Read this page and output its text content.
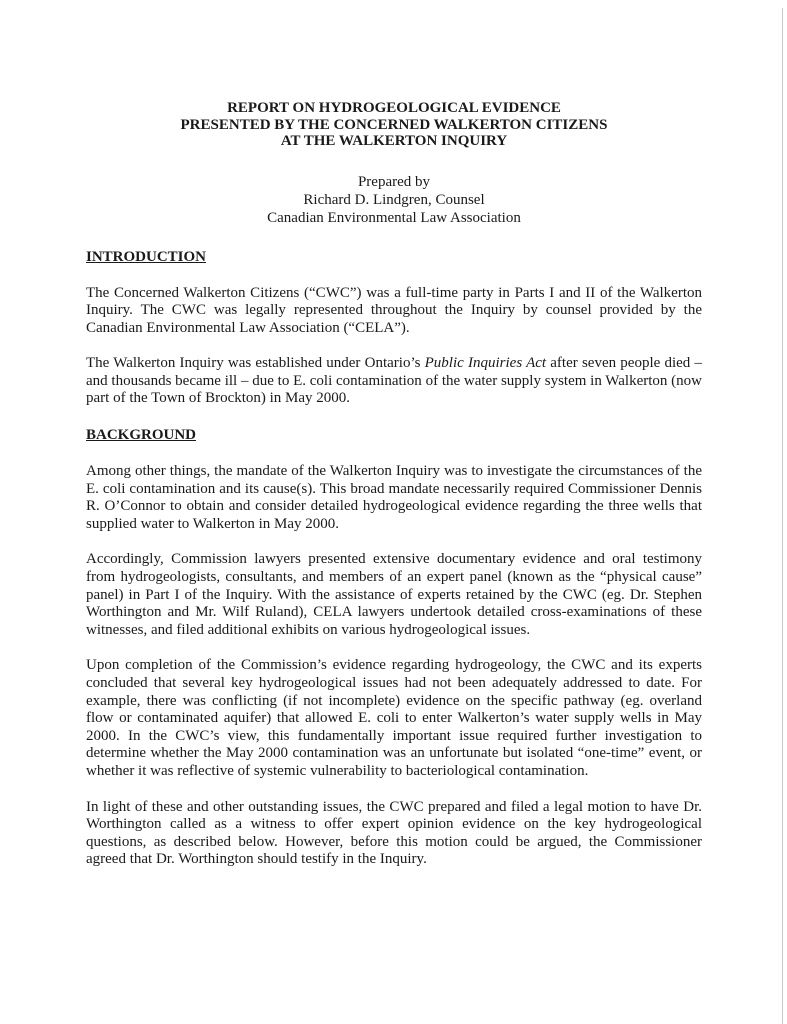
REPORT ON HYDROGEOLOGICAL EVIDENCE
PRESENTED BY THE CONCERNED WALKERTON CITIZENS
AT THE WALKERTON INQUIRY
Prepared by
Richard D. Lindgren, Counsel
Canadian Environmental Law Association
INTRODUCTION

The Concerned Walkerton Citizens (“CWC”) was a full-time party in Parts I and II of the Walkerton Inquiry. The CWC was legally represented throughout the Inquiry by counsel provided by the Canadian Environmental Law Association (“CELA”).

The Walkerton Inquiry was established under Ontario’s Public Inquiries Act after seven people died – and thousands became ill – due to E. coli contamination of the water supply system in Walkerton (now part of the Town of Brockton) in May 2000.

BACKGROUND

Among other things, the mandate of the Walkerton Inquiry was to investigate the circumstances of the E. coli contamination and its cause(s). This broad mandate necessarily required Commissioner Dennis R. O’Connor to obtain and consider detailed hydrogeological evidence regarding the three wells that supplied water to Walkerton in May 2000.

Accordingly, Commission lawyers presented extensive documentary evidence and oral testimony from hydrogeologists, consultants, and members of an expert panel (known as the “physical cause” panel) in Part I of the Inquiry. With the assistance of experts retained by the CWC (eg. Dr. Stephen Worthington and Mr. Wilf Ruland), CELA lawyers undertook detailed cross-examinations of these witnesses, and filed additional exhibits on various hydrogeological issues.

Upon completion of the Commission’s evidence regarding hydrogeology, the CWC and its experts concluded that several key hydrogeological issues had not been adequately addressed to date. For example, there was conflicting (if not incomplete) evidence on the specific pathway (eg. overland flow or contaminated aquifer) that allowed E. coli to enter Walkerton’s water supply wells in May 2000. In the CWC’s view, this fundamentally important issue required further investigation to determine whether the May 2000 contamination was an unfortunate but isolated “one-time” event, or whether it was reflective of systemic vulnerability to bacteriological contamination.

In light of these and other outstanding issues, the CWC prepared and filed a legal motion to have Dr. Worthington called as a witness to offer expert opinion evidence on the key hydrogeological questions, as described below. However, before this motion could be argued, the Commissioner agreed that Dr. Worthington should testify in the Inquiry.
